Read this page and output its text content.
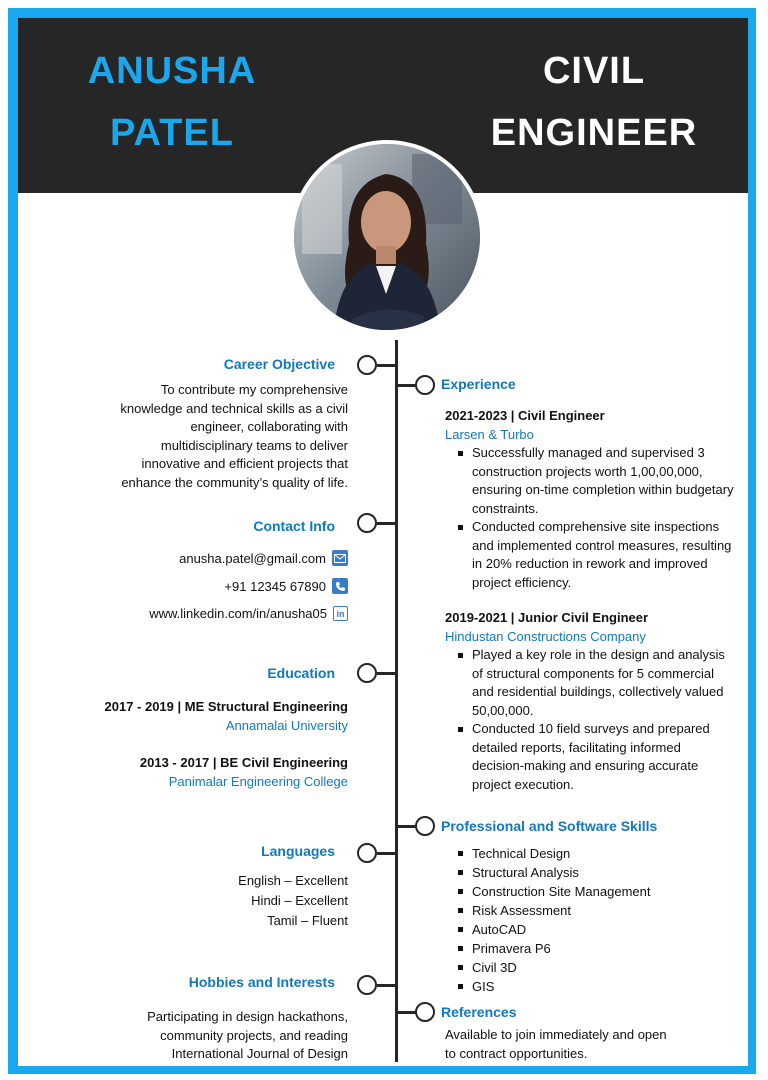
ANUSHA
PATEL
CIVIL
ENGINEER
Career Objective
To contribute my comprehensive knowledge and technical skills as a civil engineer, collaborating with multidisciplinary teams to deliver innovative and efficient projects that enhance the community’s quality of life.
Contact Info
anusha.patel@gmail.com
+91 12345 67890
www.linkedin.com/in/anusha05	in
Education
2017 - 2019 | ME Structural Engineering
Annamalai University
2013 - 2017 | BE Civil Engineering
Panimalar Engineering College
Languages
English – Excellent
Hindi – Excellent
Tamil – Fluent
Hobbies and Interests
Participating in design hackathons, community projects, and reading International Journal of Design
Experience
2021-2023 | Civil Engineer
Larsen & Turbo
Successfully managed and supervised 3 construction projects worth 1,00,00,000, ensuring on-time completion within budgetary constraints.
Conducted comprehensive site inspections and implemented control measures, resulting in 20% reduction in rework and improved project efficiency.
2019-2021 | Junior Civil Engineer
Hindustan Constructions Company
Played a key role in the design and analysis of structural components for 5 commercial and residential buildings, collectively valued 50,00,000.
Conducted 10 field surveys and prepared detailed reports, facilitating informed decision-making and ensuring accurate project execution.
Professional and Software Skills
Technical Design
Structural Analysis
Construction Site Management
Risk Assessment
AutoCAD
Primavera P6
Civil 3D
GIS
References
Available to join immediately and open to contract opportunities.
